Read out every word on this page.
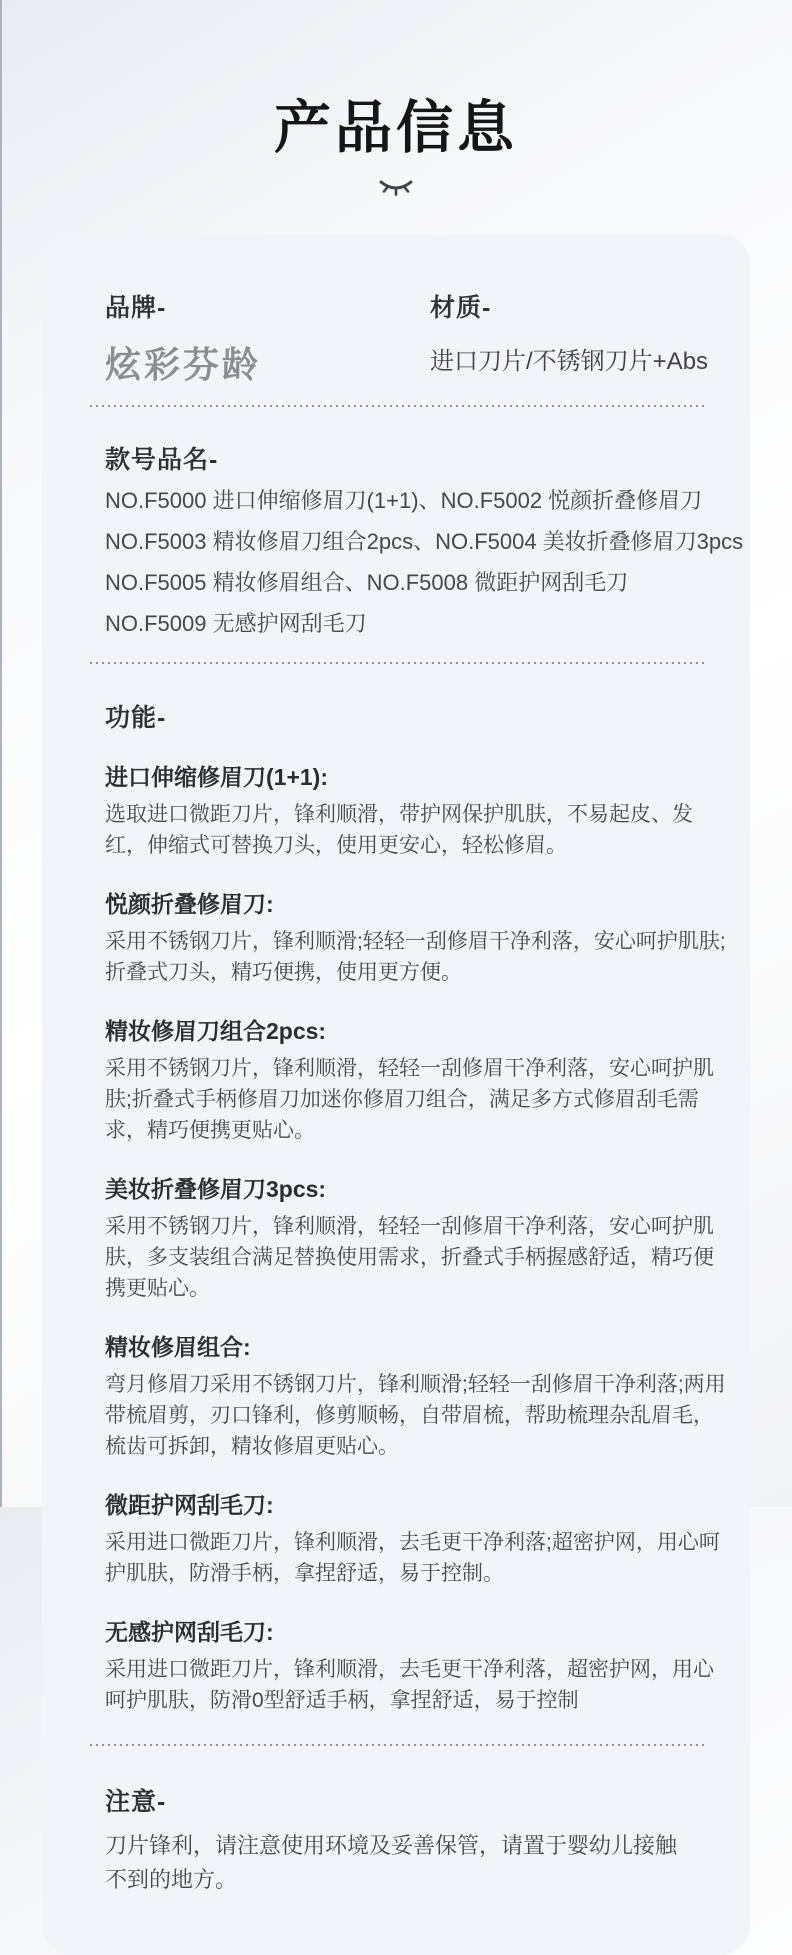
产品信息
品牌-
炫彩芬龄
材质-
进口刀片/不锈钢刀片+Abs
款号品名-
NO.F5000 进口伸缩修眉刀(1+1)、NO.F5002 悦颜折叠修眉刀
NO.F5003 精妆修眉刀组合2pcs、NO.F5004 美妆折叠修眉刀3pcs
NO.F5005 精妆修眉组合、NO.F5008 微距护网刮毛刀
NO.F5009 无感护网刮毛刀
功能-
进口伸缩修眉刀(1+1):
选取进口微距刀片，锋利顺滑，带护网保护肌肤，不易起皮、发红，伸缩式可替换刀头，使用更安心，轻松修眉。
悦颜折叠修眉刀:
采用不锈钢刀片，锋利顺滑;轻轻一刮修眉干净利落，安心呵护肌肤;折叠式刀头，精巧便携，使用更方便。
精妆修眉刀组合2pcs:
采用不锈钢刀片，锋利顺滑，轻轻一刮修眉干净利落，安心呵护肌肤;折叠式手柄修眉刀加迷你修眉刀组合，满足多方式修眉刮毛需求，精巧便携更贴心。
美妆折叠修眉刀3pcs:
采用不锈钢刀片，锋利顺滑，轻轻一刮修眉干净利落，安心呵护肌肤，多支装组合满足替换使用需求，折叠式手柄握感舒适，精巧便携更贴心。
精妆修眉组合:
弯月修眉刀采用不锈钢刀片，锋利顺滑;轻轻一刮修眉干净利落;两用带梳眉剪，刃口锋利，修剪顺畅，自带眉梳，帮助梳理杂乱眉毛，梳齿可拆卸，精妆修眉更贴心。
微距护网刮毛刀:
采用进口微距刀片，锋利顺滑，去毛更干净利落;超密护网，用心呵护肌肤，防滑手柄，拿捏舒适，易于控制。
无感护网刮毛刀:
采用进口微距刀片，锋利顺滑，去毛更干净利落，超密护网，用心呵护肌肤，防滑0型舒适手柄，拿捏舒适，易于控制
注意-
刀片锋利，请注意使用环境及妥善保管，请置于婴幼儿接触不到的地方。
